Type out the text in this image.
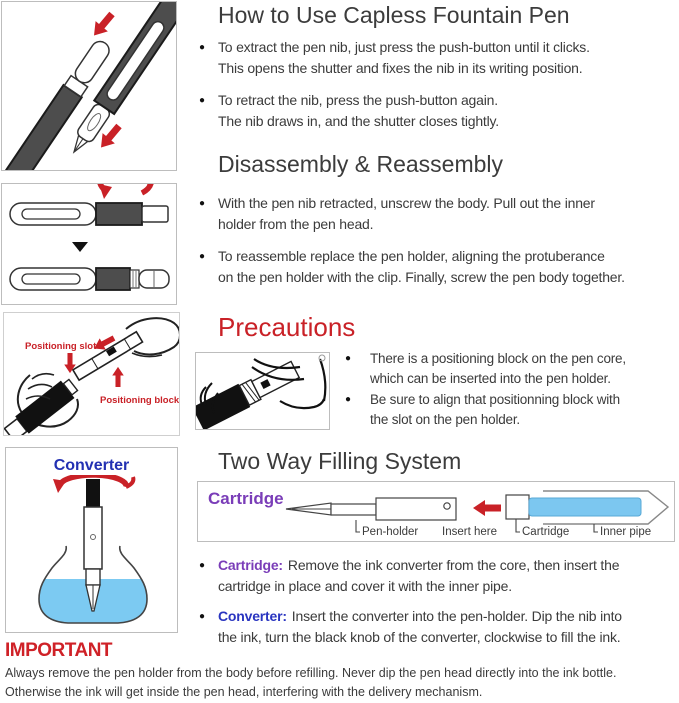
Positioning slot
Positioning block
Converter
How to Use Capless Fountain Pen
● To extract the pen nib, just press the push-button until it clicks.
This opens the shutter and fixes the nib in its writing position.
● To retract the nib, press the push-button again.
The nib draws in, and the shutter closes tightly.
Disassembly & Reassembly
● With the pen nib retracted, unscrew the body. Pull out the inner
holder from the pen head.
● To reassemble replace the pen holder, aligning the protuberance
on the pen holder with the clip. Finally, screw the pen body together.
Precautions
●	There is a positioning block on the pen core,
which can be inserted into the pen holder.
●	Be sure to align that positionning block with
the slot on the pen holder.
Two Way Filling System
Cartridge
Pen-holder Insert here Cartridge	Inner pipe
● Cartridge: Remove the ink converter from the core, then insert the
cartridge in place and cover it with the inner pipe.
● Converter: Insert the converter into the pen-holder. Dip the nib into
the ink, turn the black knob of the converter, clockwise to fill the ink.
IMPORTANT
Always remove the pen holder from the body before refilling. Never dip the pen head directly into the ink bottle.
Otherwise the ink will get inside the pen head, interfering with the delivery mechanism.
